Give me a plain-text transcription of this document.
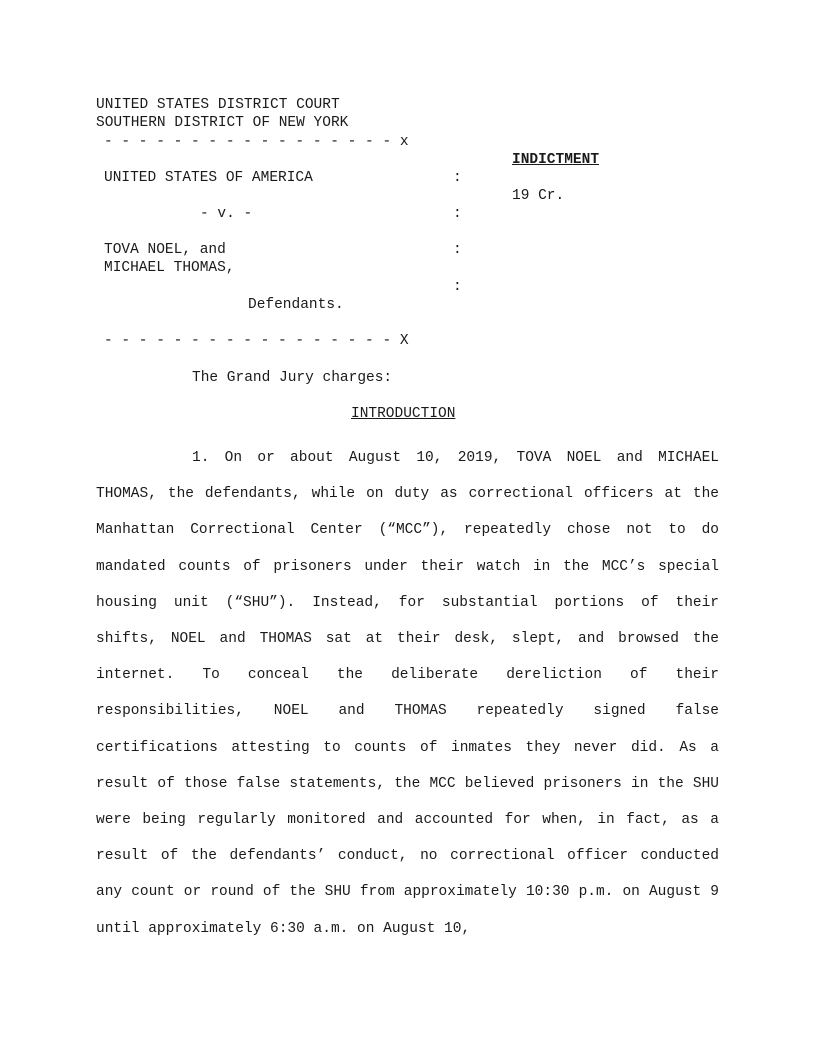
UNITED STATES DISTRICT COURT
SOUTHERN DISTRICT OF NEW YORK
- - - - - - - - - - - - - - - - - x
UNITED STATES OF AMERICA
- v. -
TOVA NOEL, and
MICHAEL THOMAS,
Defendants.
:
:
:
:
- - - - - - - - - - - - - - - - - X
INDICTMENT
19 Cr.
The Grand Jury charges:
INTRODUCTION

1. On or about August 10, 2019, TOVA NOEL and MICHAEL THOMAS, the defendants, while on duty as correctional officers at the Manhattan Correctional Center (“MCC”), repeatedly chose not to do mandated counts of prisoners under their watch in the MCC’s special housing unit (“SHU”). Instead, for substantial portions of their shifts, NOEL and THOMAS sat at their desk, slept, and browsed the internet. To conceal the deliberate dereliction of their responsibilities, NOEL and THOMAS repeatedly signed false certifications attesting to counts of inmates they never did. As a result of those false statements, the MCC believed prisoners in the SHU were being regularly monitored and accounted for when, in fact, as a result of the defendants’ conduct, no correctional officer conducted any count or round of the SHU from approximately 10:30 p.m. on August 9 until approximately 6:30 a.m. on August 10,
